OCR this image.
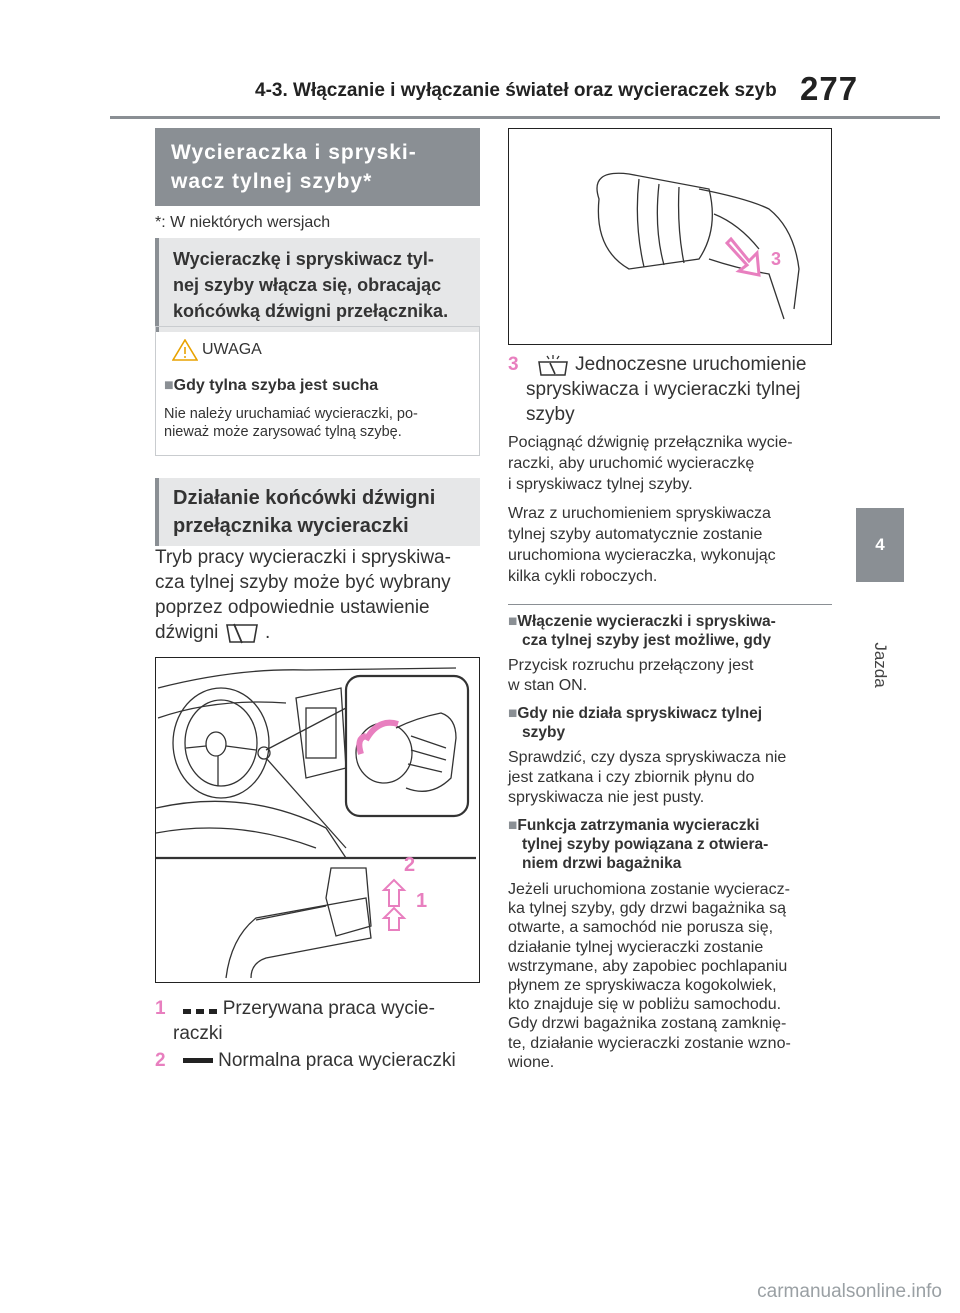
4-3. Włączanie i wyłączanie świateł oraz wycieraczek szyb 277
4
Jazda
Wycieraczka i spryski-
wacz tylnej szyby*
*: W niektórych wersjach
Wycieraczkę i spryskiwacz tyl-
nej szyby włącza się, obracając
końcówką dźwigni przełącznika.
UWAGA
■Gdy tylna szyba jest sucha
Nie należy uruchamiać wycieraczki, po-
nieważ może zarysować tylną szybę.
Działanie końcówki dźwigni
przełącznika wycieraczki
Tryb pracy wycieraczki i spryskiwa-
cza tylnej szyby może być wybrany
poprzez odpowiednie ustawienie
dźwigni .
2
1
1	Przerywana praca wycie-
raczki
2	Normalna praca wycieraczki
3
3	Jednoczesne uruchomienie
spryskiwacza i wycieraczki tylnej
szyby
Pociągnąć dźwignię przełącznika wycie-
raczki, aby uruchomić wycieraczkę
i spryskiwacz tylnej szyby.
Wraz z uruchomieniem spryskiwacza
tylnej szyby automatycznie zostanie
uruchomiona wycieraczka, wykonując
kilka cykli roboczych.
■Włączenie wycieraczki i spryskiwa-
cza tylnej szyby jest możliwe, gdy
Przycisk rozruchu przełączony jest
w stan ON.
■Gdy nie działa spryskiwacz tylnej
szyby
Sprawdzić, czy dysza spryskiwacza nie
jest zatkana i czy zbiornik płynu do
spryskiwacza nie jest pusty.
■Funkcja zatrzymania wycieraczki
tylnej szyby powiązana z otwiera-
niem drzwi bagażnika
Jeżeli uruchomiona zostanie wycieracz-
ka tylnej szyby, gdy drzwi bagażnika są
otwarte, a samochód nie porusza się,
działanie tylnej wycieraczki zostanie
wstrzymane, aby zapobiec pochlapaniu
płynem ze spryskiwacza kogokolwiek,
kto znajduje się w pobliżu samochodu.
Gdy drzwi bagażnika zostaną zamknię-
te, działanie wycieraczki zostanie wzno-
wione.
carmanualsonline.info
